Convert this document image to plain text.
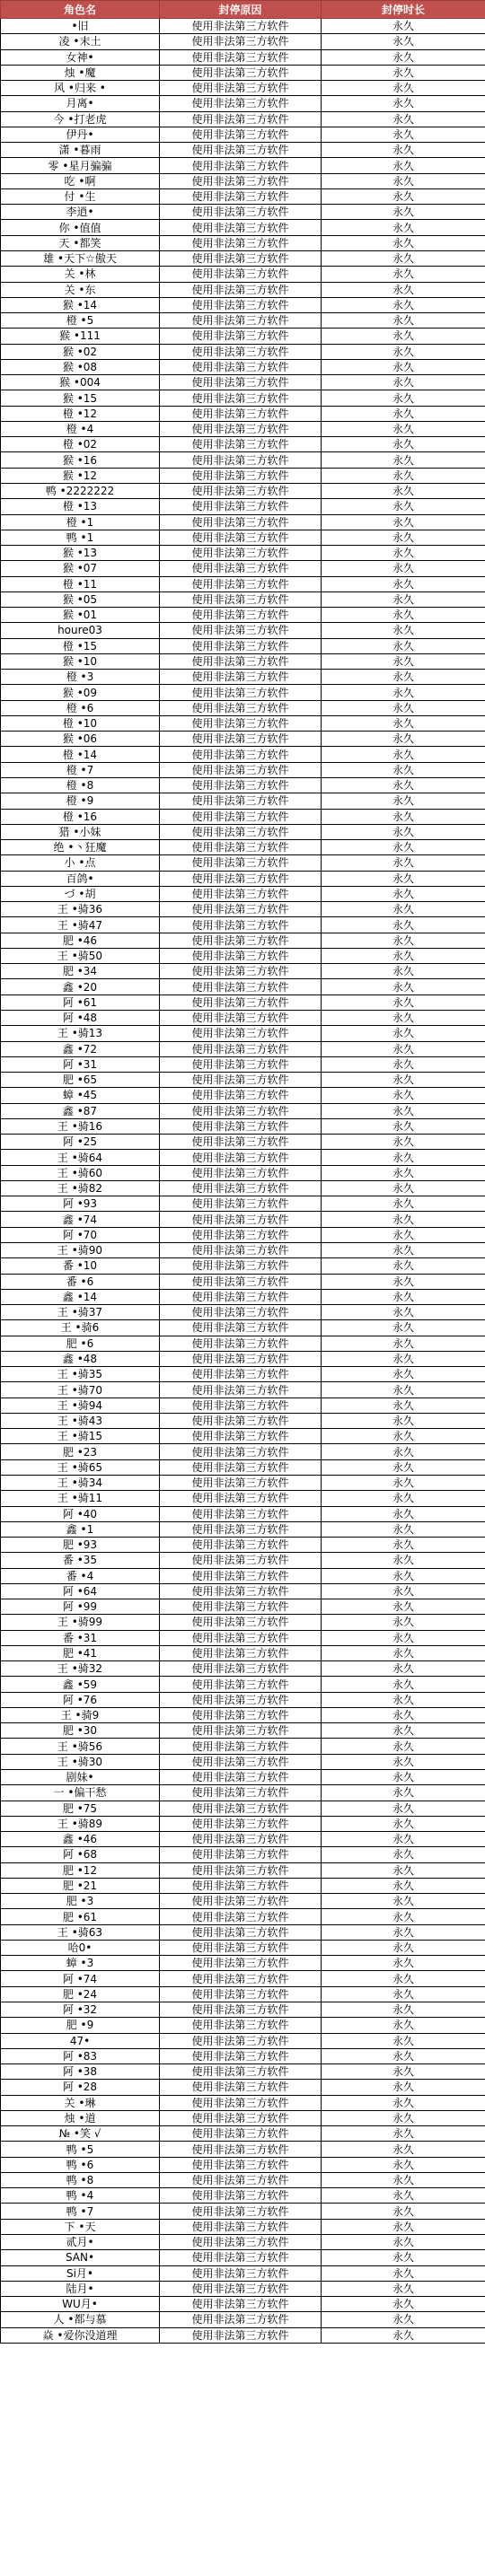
角色名	封停原因	封停时长
•旧	使用非法第三方软件	永久
凌 •末土	使用非法第三方软件	永久
女神•	使用非法第三方软件	永久
烛 •魔	使用非法第三方软件	永久
风 •归来 •	使用非法第三方软件	永久
月离•	使用非法第三方软件	永久
今 •打老虎	使用非法第三方软件	永久
伊丹•	使用非法第三方软件	永久
潇 •暮雨	使用非法第三方软件	永久
零 •星月骗骗	使用非法第三方软件	永久
吃 •啊	使用非法第三方软件	永久
付 •生	使用非法第三方软件	永久
李逍•	使用非法第三方软件	永久
你 •值值	使用非法第三方软件	永久
天 •都笑	使用非法第三方软件	永久
雄 •天下☆傲天	使用非法第三方软件	永久
关 •林	使用非法第三方软件	永久
关 •东	使用非法第三方软件	永久
猴 •14	使用非法第三方软件	永久
橙 •5	使用非法第三方软件	永久
猴 •111	使用非法第三方软件	永久
猴 •02	使用非法第三方软件	永久
猴 •08	使用非法第三方软件	永久
猴 •004	使用非法第三方软件	永久
猴 •15	使用非法第三方软件	永久
橙 •12	使用非法第三方软件	永久
橙 •4	使用非法第三方软件	永久
橙 •02	使用非法第三方软件	永久
猴 •16	使用非法第三方软件	永久
猴 •12	使用非法第三方软件	永久
鸭 •2222222	使用非法第三方软件	永久
橙 •13	使用非法第三方软件	永久
橙 •1	使用非法第三方软件	永久
鸭 •1	使用非法第三方软件	永久
猴 •13	使用非法第三方软件	永久
猴 •07	使用非法第三方软件	永久
橙 •11	使用非法第三方软件	永久
猴 •05	使用非法第三方软件	永久
猴 •01	使用非法第三方软件	永久
houre03	使用非法第三方软件	永久
橙 •15	使用非法第三方软件	永久
猴 •10	使用非法第三方软件	永久
橙 •3	使用非法第三方软件	永久
猴 •09	使用非法第三方软件	永久
橙 •6	使用非法第三方软件	永久
橙 •10	使用非法第三方软件	永久
猴 •06	使用非法第三方软件	永久
橙 •14	使用非法第三方软件	永久
橙 •7	使用非法第三方软件	永久
橙 •8	使用非法第三方软件	永久
橙 •9	使用非法第三方软件	永久
橙 •16	使用非法第三方软件	永久
猎 •小妹	使用非法第三方软件	永久
绝 •丶狂魔	使用非法第三方软件	永久
小 •点	使用非法第三方软件	永久
百鸽•	使用非法第三方软件	永久
づ •胡	使用非法第三方软件	永久
王 •骑36	使用非法第三方软件	永久
王 •骑47	使用非法第三方软件	永久
肥 •46	使用非法第三方软件	永久
王 •骑50	使用非法第三方软件	永久
肥 •34	使用非法第三方软件	永久
鑫 •20	使用非法第三方软件	永久
阿 •61	使用非法第三方软件	永久
阿 •48	使用非法第三方软件	永久
王 •骑13	使用非法第三方软件	永久
鑫 •72	使用非法第三方软件	永久
阿 •31	使用非法第三方软件	永久
肥 •65	使用非法第三方软件	永久
蟑 •45	使用非法第三方软件	永久
鑫 •87	使用非法第三方软件	永久
王 •骑16	使用非法第三方软件	永久
阿 •25	使用非法第三方软件	永久
王 •骑64	使用非法第三方软件	永久
王 •骑60	使用非法第三方软件	永久
王 •骑82	使用非法第三方软件	永久
阿 •93	使用非法第三方软件	永久
鑫 •74	使用非法第三方软件	永久
阿 •70	使用非法第三方软件	永久
王 •骑90	使用非法第三方软件	永久
番 •10	使用非法第三方软件	永久
番 •6	使用非法第三方软件	永久
鑫 •14	使用非法第三方软件	永久
王 •骑37	使用非法第三方软件	永久
王 •骑6	使用非法第三方软件	永久
肥 •6	使用非法第三方软件	永久
鑫 •48	使用非法第三方软件	永久
王 •骑35	使用非法第三方软件	永久
王 •骑70	使用非法第三方软件	永久
王 •骑94	使用非法第三方软件	永久
王 •骑43	使用非法第三方软件	永久
王 •骑15	使用非法第三方软件	永久
肥 •23	使用非法第三方软件	永久
王 •骑65	使用非法第三方软件	永久
王 •骑34	使用非法第三方软件	永久
王 •骑11	使用非法第三方软件	永久
阿 •40	使用非法第三方软件	永久
鑫 •1	使用非法第三方软件	永久
肥 •93	使用非法第三方软件	永久
番 •35	使用非法第三方软件	永久
番 •4	使用非法第三方软件	永久
阿 •64	使用非法第三方软件	永久
阿 •99	使用非法第三方软件	永久
王 •骑99	使用非法第三方软件	永久
番 •31	使用非法第三方软件	永久
肥 •41	使用非法第三方软件	永久
王 •骑32	使用非法第三方软件	永久
鑫 •59	使用非法第三方软件	永久
阿 •76	使用非法第三方软件	永久
王 •骑9	使用非法第三方软件	永久
肥 •30	使用非法第三方软件	永久
王 •骑56	使用非法第三方软件	永久
王 •骑30	使用非法第三方软件	永久
剧妹•	使用非法第三方软件	永久
一 •偏干愁	使用非法第三方软件	永久
肥 •75	使用非法第三方软件	永久
王 •骑89	使用非法第三方软件	永久
鑫 •46	使用非法第三方软件	永久
阿 •68	使用非法第三方软件	永久
肥 •12	使用非法第三方软件	永久
肥 •21	使用非法第三方软件	永久
肥 •3	使用非法第三方软件	永久
肥 •61	使用非法第三方软件	永久
王 •骑63	使用非法第三方软件	永久
哈0•	使用非法第三方软件	永久
蟑 •3	使用非法第三方软件	永久
阿 •74	使用非法第三方软件	永久
肥 •24	使用非法第三方软件	永久
阿 •32	使用非法第三方软件	永久
肥 •9	使用非法第三方软件	永久
47•	使用非法第三方软件	永久
阿 •83	使用非法第三方软件	永久
阿 •38	使用非法第三方软件	永久
阿 •28	使用非法第三方软件	永久
关 •琳	使用非法第三方软件	永久
烛 •道	使用非法第三方软件	永久
№ •笑 √	使用非法第三方软件	永久
鸭 •5	使用非法第三方软件	永久
鸭 •6	使用非法第三方软件	永久
鸭 •8	使用非法第三方软件	永久
鸭 •4	使用非法第三方软件	永久
鸭 •7	使用非法第三方软件	永久
下 •天	使用非法第三方软件	永久
贰月•	使用非法第三方软件	永久
SAN•	使用非法第三方软件	永久
Si月•	使用非法第三方软件	永久
陆月•	使用非法第三方软件	永久
WU月•	使用非法第三方软件	永久
人 •都与慕	使用非法第三方软件	永久
焱 •爱你没道理	使用非法第三方软件	永久
